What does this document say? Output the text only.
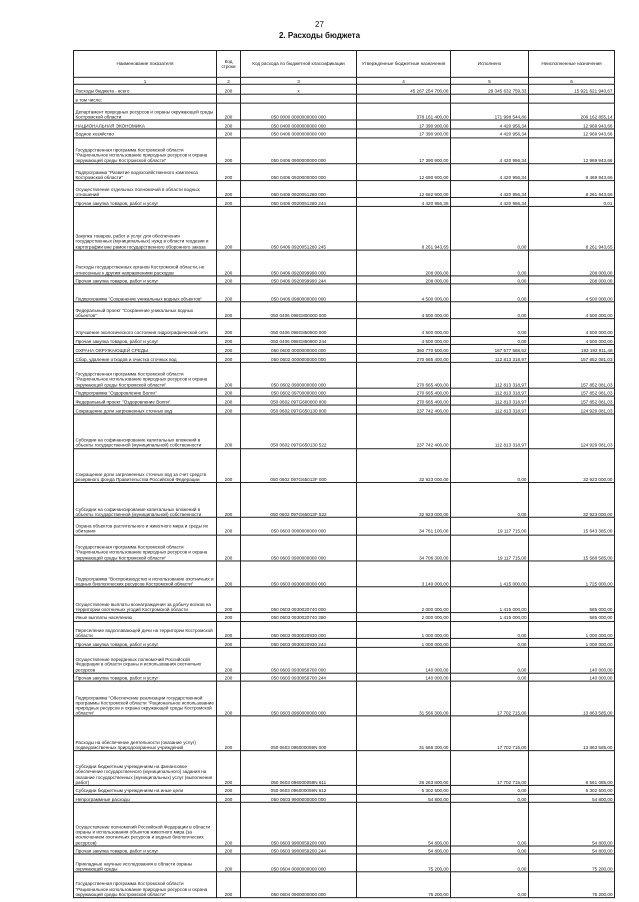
27
2. Расходы бюджета
Наименование показателя	Код строки	Код расхода по бюджетной классификации	Утвержденные бюджетные назначения	Исполнено	Неисполненные назначения
1	2	3	4	5	6
Расходы бюджета - всего	200	x	45 267 254 700,00	29 345 632 759,33	15 921 621 940,67
в том числе:					
Департамент природных ресурсов и охраны окружающей среды Костромской области	200	050 0000 0000000000 000	378 161 400,00	171 998 544,86	206 162 855,14
НАЦИОНАЛЬНАЯ ЭКОНОМИКА	200	050 0400 0000000000 000	17 390 900,00	4 420 956,34	12 969 943,66
Водное хозяйство	200	050 0406 0000000000 000	17 390 900,00	4 420 956,34	12 969 943,66
Государственная программа Костромской области "Рациональное использование природных ресурсов и охрана окружающей среды Костромской области"	200	050 0406 0900000000 000	17 390 900,00	4 420 956,34	12 969 943,66
Подпрограмма "Развитие водохозяйственного комплекса Костромской области"	200	050 0406 0920000000 000	12 690 900,00	4 420 956,34	8 469 943,66
Осуществление отдельных полномочий в области водных отношений	200	050 0406 0920051280 000	12 682 900,00	4 420 956,34	8 261 943,66
Прочая закупка товаров, работ и услуг	200	050 0406 0920051280 244	4 420 956,35	4 420 956,34	0,01
Закупка товаров, работ и услуг для обеспечения государственных (муниципальных) нужд в области геодезии и картографии вне рамок государственного оборонного заказа	200	050 0406 0920051280 245	8 261 943,65	0,00	8 261 943,65
Расходы государственных органов Костромской области, не отнесенные к другим направлениям расходов	200	050 0406 0920099990 000	208 000,00	0,00	208 000,00
Прочая закупка товаров, работ и услуг	200	050 0406 0920099990 244	208 000,00	0,00	208 000,00
Подпрограмма "Сохранение уникальных водных объектов"	200	050 0406 0980000000 000	4 500 000,00	0,00	4 500 000,00
Федеральный проект "Сохранение уникальных водных объектов"	200	050 0406 098G800000 000	4 500 000,00	0,00	4 500 000,00
Улучшение экологического состояния гидрографической сети	200	050 0406 098G850900 000	4 500 000,00	0,00	4 500 000,00
Прочая закупка товаров, работ и услуг	200	050 0406 098G850900 244	4 500 000,00	0,00	4 500 000,00
ОХРАНА ОКРУЖАЮЩЕЙ СРЕДЫ	200	050 0600 0000000000 000	360 770 500,00	167 577 588,52	193 192 911,48
Сбор, удаление отходов и очистка сточных вод	200	050 0602 0000000000 000	270 665 400,00	112 813 318,97	157 852 081,03
Государственная программа Костромской области "Рациональное использование природных ресурсов и охрана окружающей среды Костромской области"	200	050 0602 0900000000 000	270 665 400,00	112 813 318,97	157 852 081,03
Подпрограмма "Оздоровление Волги"	200	050 0602 0970000000 000	270 665 400,00	112 813 318,97	157 852 081,03
Федеральный проект "Оздоровление Волги"	200	050 0602 097G600000 000	270 665 400,00	112 813 318,97	157 852 081,03
Сокращение доли загрязненных сточных вод	200	050 0602 097G650130 000	237 742 400,00	112 813 318,97	124 929 081,03
Субсидии на софинансирование капитальных вложений в объекты государственной (муниципальной) собственности	200	050 0602 097G650130 522	237 742 400,00	112 813 318,97	124 929 081,03
Сокращение доли загрязненных сточных вод за счет средств резервного фонда Правительства Российской Федерации	200	050 0602 097G65013F 000	32 923 000,00	0,00	32 923 000,00
Субсидии на софинансирование капитальных вложений в объекты государственной (муниципальной) собственности	200	050 0602 097G65013F 522	32 923 000,00	0,00	32 923 000,00
Охрана объектов растительного и животного мира и среды их обитания	200	050 0603 0000000000 000	34 761 100,00	19 117 715,00	15 643 385,00
Государственная программа Костромской области "Рациональное использование природных ресурсов и охрана окружающей среды Костромской области"	200	050 0603 0900000000 000	34 706 300,00	19 117 715,00	15 588 585,00
Подпрограмма "Воспроизводство и использование охотничьих и водных биологических ресурсов Костромской области"	200	050 0603 0930000000 000	3 140 000,00	1 415 000,00	1 725 000,00
Осуществление выплаты вознаграждения за добычу волков на территории охотничьих угодий Костромской области	200	050 0603 0930020740 000	2 000 000,00	1 415 000,00	585 000,00
Иные выплаты населению	200	050 0603 0930020740 360	2 000 000,00	1 415 000,00	585 000,00
Переселение водоплавающей дичи на территории Костромской области	200	050 0603 0930020930 000	1 000 000,00	0,00	1 000 000,00
Прочая закупка товаров, работ и услуг	200	050 0603 0930020930 244	1 000 000,00	0,00	1 000 000,00
Осуществление переданных полномочий Российской Федерации в области охраны и использования охотничьих ресурсов	200	050 0603 0930059700 000	140 000,00	0,00	140 000,00
Прочая закупка товаров, работ и услуг	200	050 0603 0930059700 244	140 000,00	0,00	140 000,00
Подпрограмма "Обеспечение реализации государственной программы Костромской области "Рациональное использование природных ресурсов и охрана окружающей среды Костромской области"	200	050 0603 0960000000 000	31 566 300,00	17 702 715,00	13 863 585,00
Расходы на обеспечение деятельности (оказание услуг) подведомственных природоохранных учреждений	200	050 0603 096000059N 000	31 566 300,00	17 702 715,00	13 863 585,00
Субсидии бюджетным учреждениям на финансовое обеспечение государственного (муниципального) задания на оказание государственных (муниципальных) услуг (выполнение работ)	200	050 0603 096000059N 611	26 263 800,00	17 702 715,00	8 561 085,00
Субсидии бюджетным учреждениям на иные цели	200	050 0603 096000059N 612	5 302 500,00	0,00	5 302 500,00
Непрограммные расходы	200	050 0603 9900000000 000	54 800,00	0,00	54 800,00
Осуществление полномочий Российской Федерации в области охраны и использования объектов животного мира (за исключением охотничьих ресурсов и водных биологических ресурсов)	200	050 0603 9900059200 000	54 800,00	0,00	54 800,00
Прочая закупка товаров, работ и услуг	200	050 0603 9900059200 244	54 800,00	0,00	54 800,00
Прикладные научные исследования в области охраны окружающей среды	200	050 0604 0000000000 000	75 200,00	0,00	75 200,00
Государственная программа Костромской области "Рациональное использование природных ресурсов и охрана окружающей среды Костромской области"	200	050 0604 0900000000 000	75 200,00	0,00	75 200,00
